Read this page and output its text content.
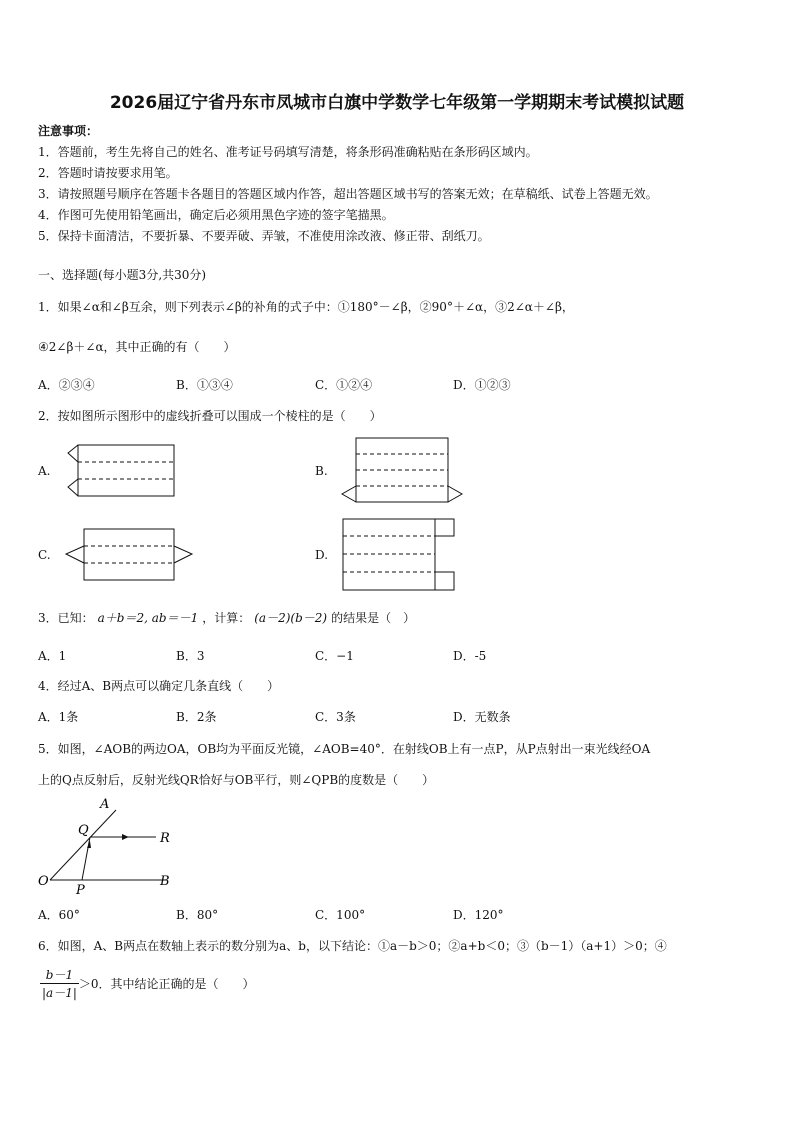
2026届辽宁省丹东市凤城市白旗中学数学七年级第一学期期末考试模拟试题
注意事项：
1．答题前，考生先将自己的姓名、准考证号码填写清楚，将条形码准确粘贴在条形码区域内。
2．答题时请按要求用笔。
3．请按照题号顺序在答题卡各题目的答题区域内作答，超出答题区域书写的答案无效；在草稿纸、试卷上答题无效。
4．作图可先使用铅笔画出，确定后必须用黑色字迹的签字笔描黑。
5．保持卡面清洁，不要折暴、不要弄破、弄皱，不准使用涂改液、修正带、刮纸刀。
一、选择题(每小题3分,共30分)
1．如果∠α和∠β互余，则下列表示∠β的补角的式子中：①180°－∠β，②90°＋∠α，③2∠α＋∠β，
④2∠β＋∠α，其中正确的有（　　）
A．②③④	B．①③④	C．①②④	D．①②③
2．按如图所示图形中的虚线折叠可以围成一个棱柱的是（　　）
A.	B.
C.	D.
3．已知： a＋b＝2, ab＝－1 ，计算： (a－2)(b－2) 的结果是（　）
A．1	B．3	C．−1	D．-5
4．经过A、B两点可以确定几条直线（　　）
A．1条	B．2条	C．3条	D．无数条
5．如图，∠AOB的两边OA，OB均为平面反光镜，∠AOB=40°．在射线OB上有一点P，从P点射出一束光线经OA
上的Q点反射后，反射光线QR恰好与OB平行，则∠QPB的度数是（　　）
A
Q
R
O
P
B
A．60°	B．80°	C．100°	D．120°
6．如图，A、B两点在数轴上表示的数分别为a、b，以下结论：①a－b＞0；②a+b＜0；③（b－1）（a+1）＞0；④
$\frac{b-1}{|a-1|} >0$．其中结论正确的是（　　）
